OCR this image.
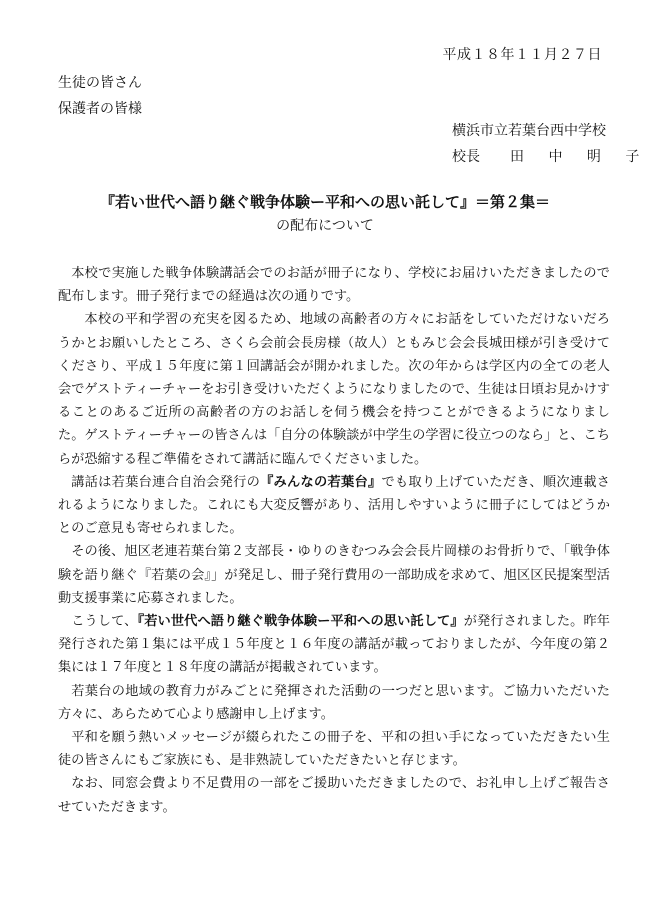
平成１８年１１月２７日
生徒の皆さん
保護者の皆様
横浜市立若葉台西中学校
校長	田 中 明 子
『若い世代へ語り継ぐ戦争体験ー平和への思い託して』＝第２集＝
の配布について

本校で実施した戦争体験講話会でのお話が冊子になり、学校にお届けいただきましたので配布します。冊子発行までの経過は次の通りです。

本校の平和学習の充実を図るため、地域の高齢者の方々にお話をしていただけないだろうかとお願いしたところ、さくら会前会長房様（故人）ともみじ会会長城田様が引き受けてくださり、平成１５年度に第１回講話会が開かれました。次の年からは学区内の全ての老人会でゲストティーチャーをお引き受けいただくようになりましたので、生徒は日頃お見かけすることのあるご近所の高齢者の方のお話しを伺う機会を持つことができるようになりました。ゲストティーチャーの皆さんは「自分の体験談が中学生の学習に役立つのなら」と、こちらが恐縮する程ご準備をされて講話に臨んでくださいました。

講話は若葉台連合自治会発行の『みんなの若葉台』でも取り上げていただき、順次連載されるようになりました。これにも大変反響があり、活用しやすいように冊子にしてはどうかとのご意見も寄せられました。

その後、旭区老連若葉台第２支部長・ゆりのきむつみ会会長片岡様のお骨折りで、「戦争体験を語り継ぐ『若葉の会』」が発足し、冊子発行費用の一部助成を求めて、旭区区民提案型活動支援事業に応募されました。

こうして、『若い世代へ語り継ぐ戦争体験ー平和への思い託して』が発行されました。昨年発行された第１集には平成１５年度と１６年度の講話が載っておりましたが、今年度の第２集には１７年度と１８年度の講話が掲載されています。

若葉台の地域の教育力がみごとに発揮された活動の一つだと思います。ご協力いただいた方々に、あらためて心より感謝申し上げます。

平和を願う熱いメッセージが綴られたこの冊子を、平和の担い手になっていただきたい生徒の皆さんにもご家族にも、是非熟読していただきたいと存じます。

なお、同窓会費より不足費用の一部をご援助いただきましたので、お礼申し上げご報告させていただきます。
